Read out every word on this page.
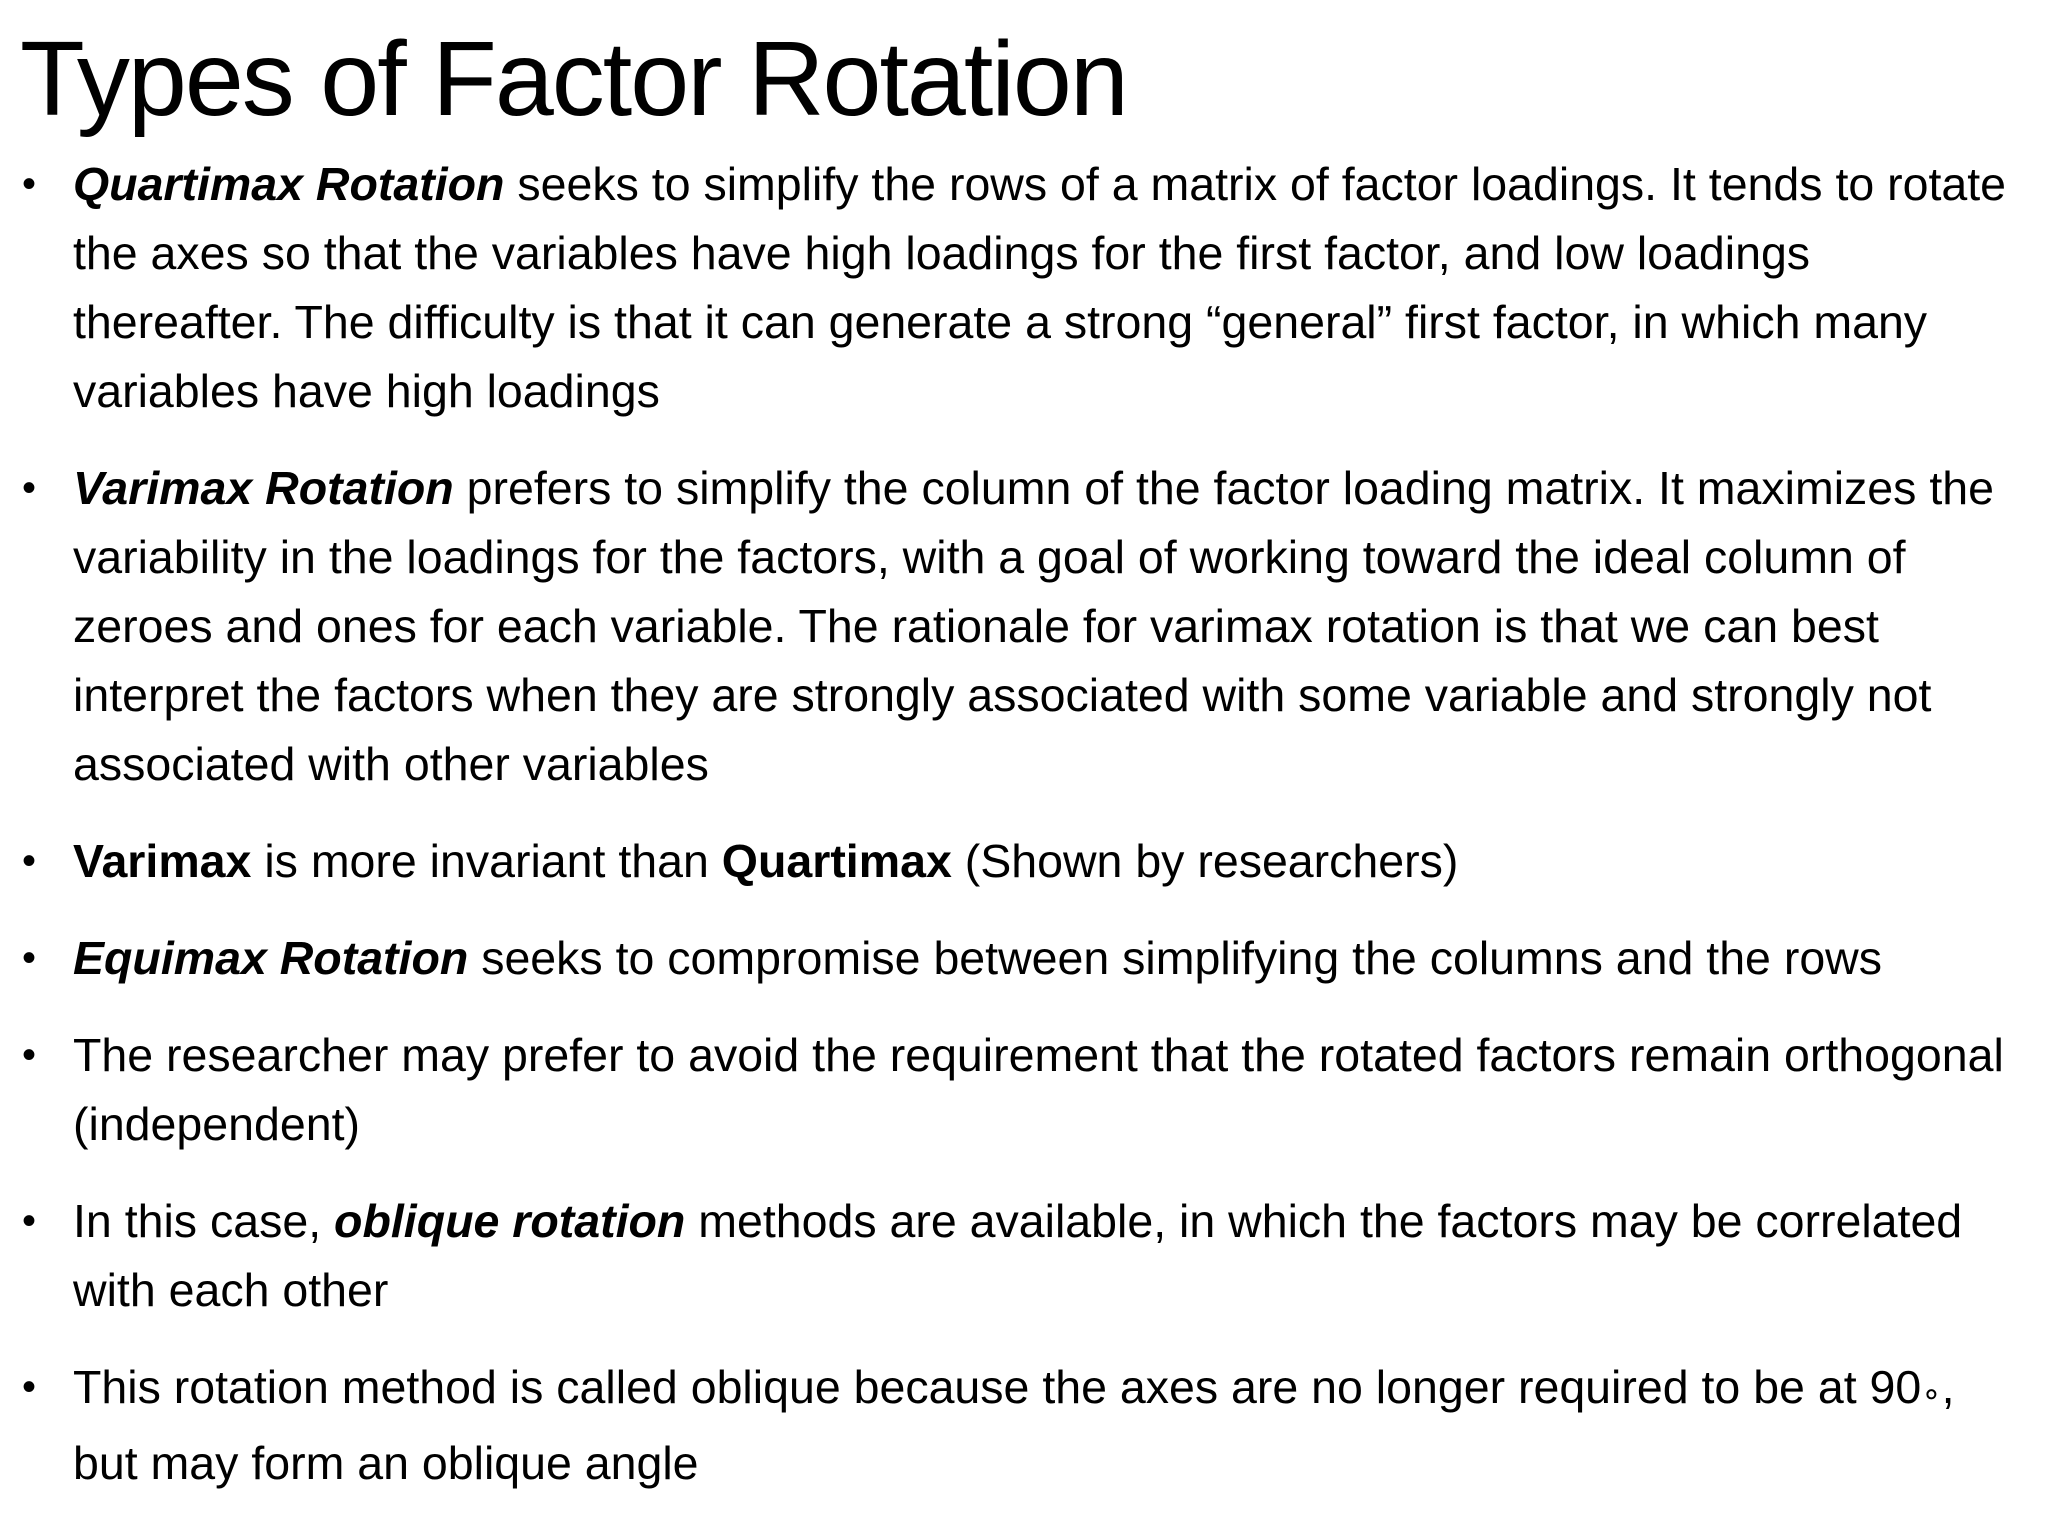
Types of Factor Rotation
• Quartimax Rotation seeks to simplify the rows of a matrix of factor loadings. It tends to rotate the axes so that the variables have high loadings for the first factor, and low loadings thereafter. The difficulty is that it can generate a strong “general” first factor, in which many variables have high loadings
• Varimax Rotation prefers to simplify the column of the factor loading matrix. It maximizes the variability in the loadings for the factors, with a goal of working toward the ideal column of zeroes and ones for each variable. The rationale for varimax rotation is that we can best interpret the factors when they are strongly associated with some variable and strongly not associated with other variables
• Varimax is more invariant than Quartimax (Shown by researchers)
• Equimax Rotation seeks to compromise between simplifying the columns and the rows
• The researcher may prefer to avoid the requirement that the rotated factors remain orthogonal (independent)
• In this case, oblique rotation methods are available, in which the factors may be correlated with each other
• This rotation method is called oblique because the axes are no longer required to be at 90∘, but may form an oblique angle
